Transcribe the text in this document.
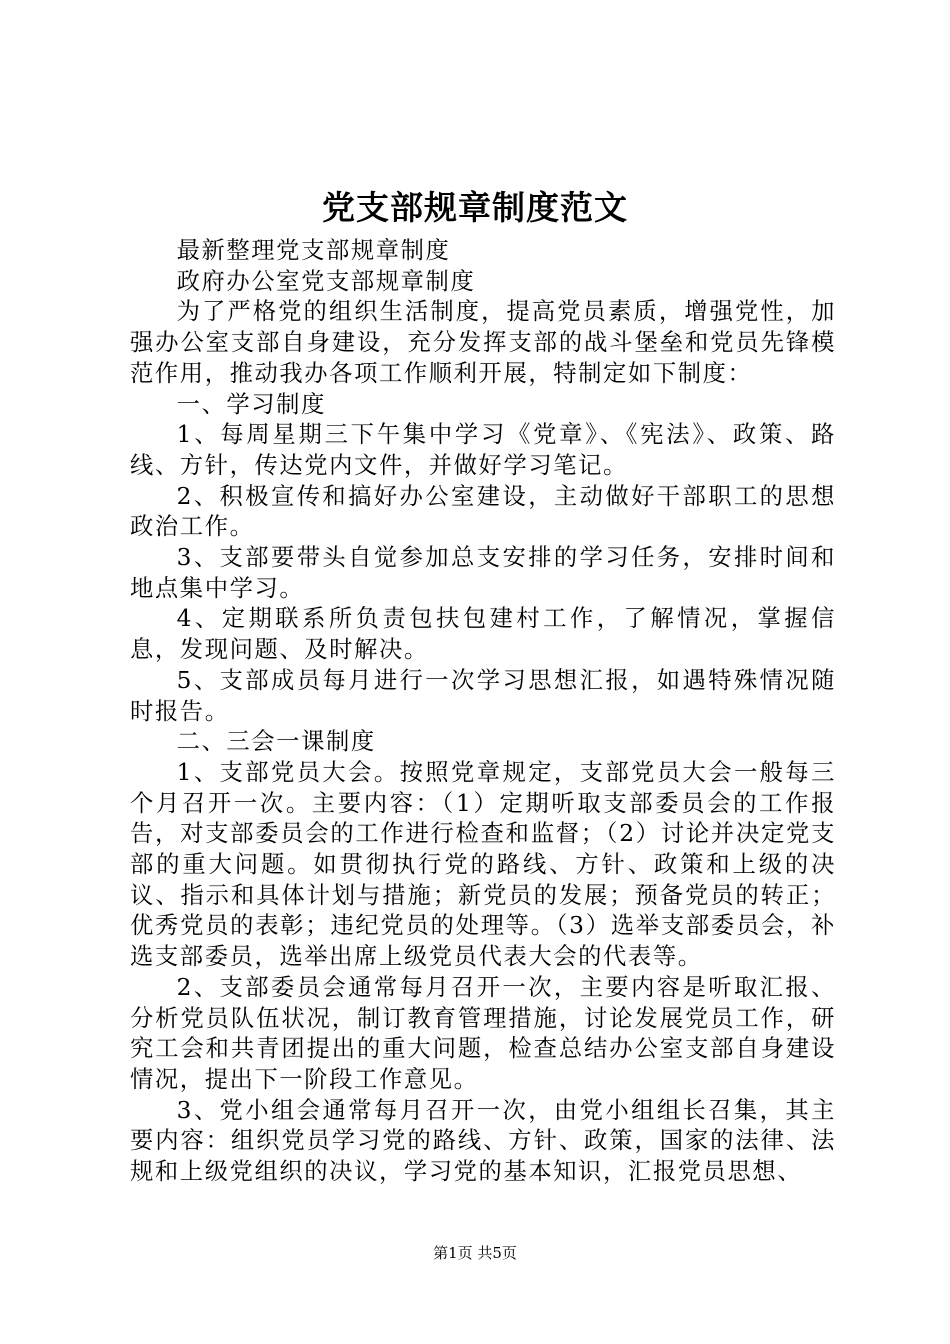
党支部规章制度范文

最新整理党支部规章制度

政府办公室党支部规章制度

为了严格党的组织生活制度，提高党员素质，增强党性，加强办公室支部自身建设，充分发挥支部的战斗堡垒和党员先锋模范作用，推动我办各项工作顺利开展，特制定如下制度：

一、学习制度

1、每周星期三下午集中学习《党章》、《宪法》、政策、路线、方针，传达党内文件，并做好学习笔记。

2、积极宣传和搞好办公室建设，主动做好干部职工的思想政治工作。

3、支部要带头自觉参加总支安排的学习任务，安排时间和地点集中学习。

4、定期联系所负责包扶包建村工作，了解情况，掌握信息，发现问题、及时解决。

5、支部成员每月进行一次学习思想汇报，如遇特殊情况随时报告。

二、三会一课制度

1、支部党员大会。按照党章规定，支部党员大会一般每三个月召开一次。主要内容：（1）定期听取支部委员会的工作报告，对支部委员会的工作进行检查和监督；（2）讨论并决定党支部的重大问题。如贯彻执行党的路线、方针、政策和上级的决议、指示和具体计划与措施；新党员的发展；预备党员的转正；优秀党员的表彰；违纪党员的处理等。（3）选举支部委员会，补选支部委员，选举出席上级党员代表大会的代表等。

2、支部委员会通常每月召开一次，主要内容是听取汇报、分析党员队伍状况，制订教育管理措施，讨论发展党员工作，研究工会和共青团提出的重大问题，检查总结办公室支部自身建设情况，提出下一阶段工作意见。

3、党小组会通常每月召开一次，由党小组组长召集，其主要内容：组织党员学习党的路线、方针、政策，国家的法律、法规和上级党组织的决议，学习党的基本知识，汇报党员思想、

第1页 共5页
